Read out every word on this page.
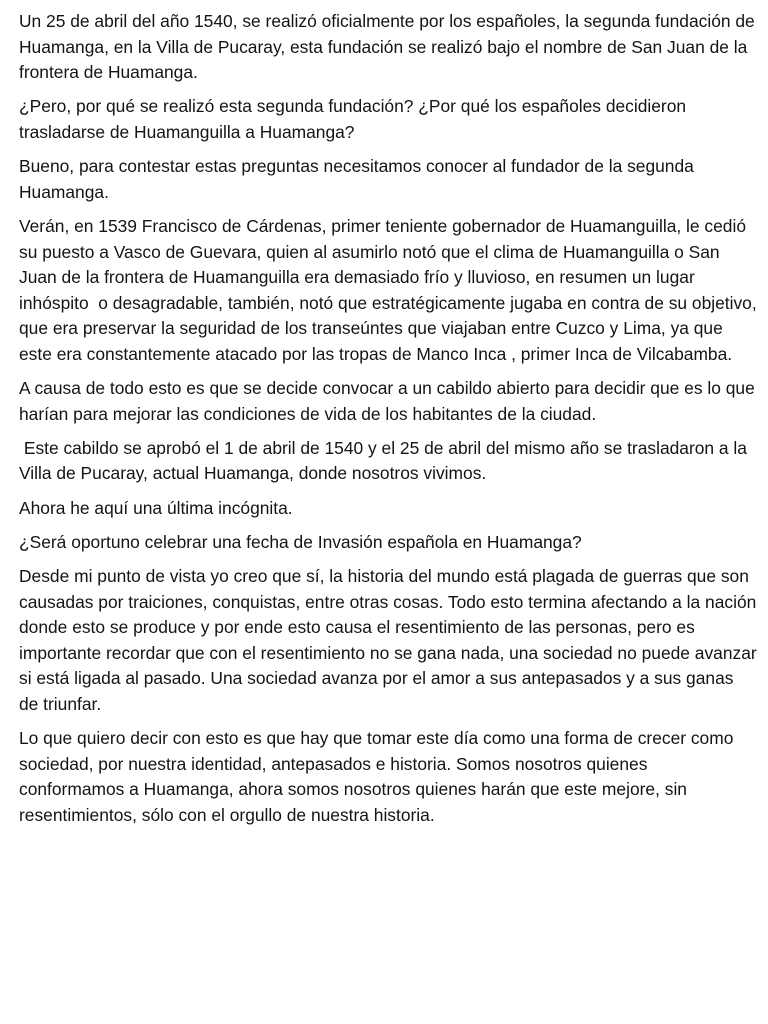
Un 25 de abril del año 1540, se realizó oficialmente por los españoles, la segunda fundación de Huamanga, en la Villa de Pucaray, esta fundación se realizó bajo el nombre de San Juan de la frontera de Huamanga.

¿Pero, por qué se realizó esta segunda fundación? ¿Por qué los españoles decidieron trasladarse de Huamanguilla a Huamanga?

Bueno, para contestar estas preguntas necesitamos conocer al fundador de la segunda Huamanga.

Verán, en 1539 Francisco de Cárdenas, primer teniente gobernador de Huamanguilla, le cedió su puesto a Vasco de Guevara, quien al asumirlo notó que el clima de Huamanguilla o San Juan de la frontera de Huamanguilla era demasiado frío y lluvioso, en resumen un lugar inhóspito  o desagradable, también, notó que estratégicamente jugaba en contra de su objetivo, que era preservar la seguridad de los transeúntes que viajaban entre Cuzco y Lima, ya que este era constantemente atacado por las tropas de Manco Inca , primer Inca de Vilcabamba.

A causa de todo esto es que se decide convocar a un cabildo abierto para decidir que es lo que harían para mejorar las condiciones de vida de los habitantes de la ciudad.

Este cabildo se aprobó el 1 de abril de 1540 y el 25 de abril del mismo año se trasladaron a la Villa de Pucaray, actual Huamanga, donde nosotros vivimos.

Ahora he aquí una última incógnita.

¿Será oportuno celebrar una fecha de Invasión española en Huamanga?

Desde mi punto de vista yo creo que sí, la historia del mundo está plagada de guerras que son causadas por traiciones, conquistas, entre otras cosas. Todo esto termina afectando a la nación donde esto se produce y por ende esto causa el resentimiento de las personas, pero es importante recordar que con el resentimiento no se gana nada, una sociedad no puede avanzar si está ligada al pasado. Una sociedad avanza por el amor a sus antepasados y a sus ganas de triunfar.

Lo que quiero decir con esto es que hay que tomar este día como una forma de crecer como sociedad, por nuestra identidad, antepasados e historia. Somos nosotros quienes conformamos a Huamanga, ahora somos nosotros quienes harán que este mejore, sin resentimientos, sólo con el orgullo de nuestra historia.
